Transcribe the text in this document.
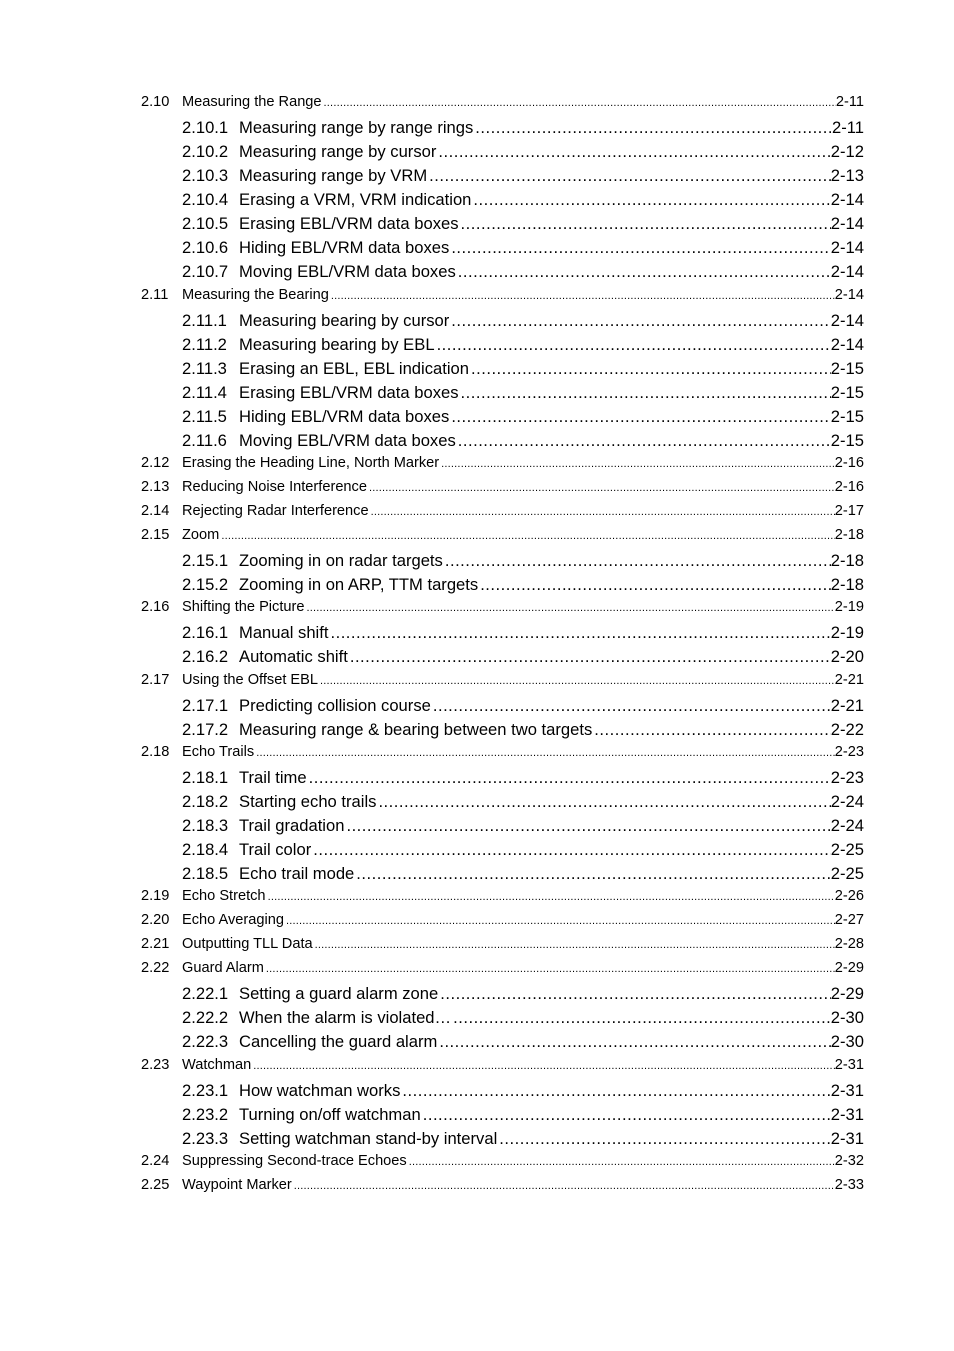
2.10 Measuring the Range .....	2-11
2.10.1 Measuring range by range rings .....	2-11
2.10.2 Measuring range by cursor .....	2-12
2.10.3 Measuring range by VRM .....	2-13
2.10.4 Erasing a VRM, VRM indication .....	2-14
2.10.5 Erasing EBL/VRM data boxes .....	2-14
2.10.6 Hiding EBL/VRM data boxes .....	2-14
2.10.7 Moving EBL/VRM data boxes .....	2-14
2.11 Measuring the Bearing .....	2-14
2.11.1 Measuring bearing by cursor .....	2-14
2.11.2 Measuring bearing by EBL .....	2-14
2.11.3 Erasing an EBL, EBL indication .....	2-15
2.11.4 Erasing EBL/VRM data boxes .....	2-15
2.11.5 Hiding EBL/VRM data boxes .....	2-15
2.11.6 Moving EBL/VRM data boxes .....	2-15
2.12 Erasing the Heading Line, North Marker .....	2-16
2.13 Reducing Noise Interference .....	2-16
2.14 Rejecting Radar Interference .....	2-17
2.15 Zoom .....	2-18
2.15.1 Zooming in on radar targets .....	2-18
2.15.2 Zooming in on ARP, TTM targets .....	2-18
2.16 Shifting the Picture .....	2-19
2.16.1 Manual shift .....	2-19
2.16.2 Automatic shift .....	2-20
2.17 Using the Offset EBL .....	2-21
2.17.1 Predicting collision course .....	2-21
2.17.2 Measuring range & bearing between two targets .....	2-22
2.18 Echo Trails .....	2-23
2.18.1 Trail time .....	2-23
2.18.2 Starting echo trails .....	2-24
2.18.3 Trail gradation .....	2-24
2.18.4 Trail color .....	2-25
2.18.5 Echo trail mode .....	2-25
2.19 Echo Stretch .....	2-26
2.20 Echo Averaging .....	2-27
2.21 Outputting TLL Data .....	2-28
2.22 Guard Alarm .....	2-29
2.22.1 Setting a guard alarm zone .....	2-29
2.22.2 When the alarm is violated… .....	2-30
2.22.3 Cancelling the guard alarm .....	2-30
2.23 Watchman .....	2-31
2.23.1 How watchman works .....	2-31
2.23.2 Turning on/off watchman .....	2-31
2.23.3 Setting watchman stand-by interval .....	2-31
2.24 Suppressing Second-trace Echoes .....	2-32
2.25 Waypoint Marker .....	2-33
